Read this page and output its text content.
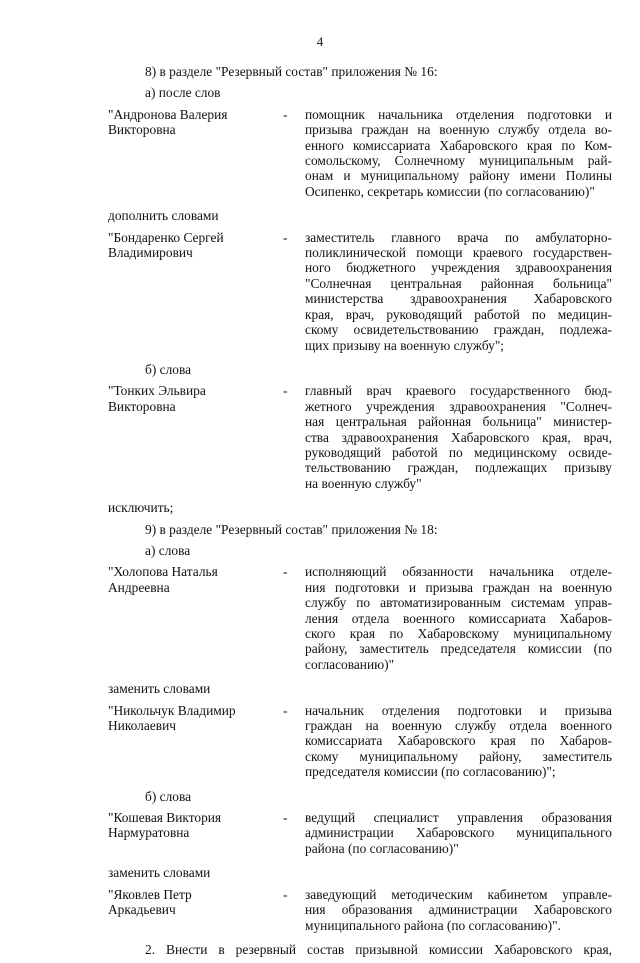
4
8) в разделе "Резервный состав" приложения № 16:
а) после слов
"Андронова Валерия
Викторовна
-	помощник начальника отделения подготовки и
призыва граждан на военную службу отдела во-
енного комиссариата Хабаровского края по Ком-
сомольскому, Солнечному муниципальным рай-
онам и муниципальному району имени Полины
Осипенко, секретарь комиссии (по согласованию)"
дополнить словами
"Бондаренко Сергей
Владимирович
-	заместитель главного врача по амбулаторно-
поликлинической помощи краевого государствен-
ного бюджетного учреждения здравоохранения
"Солнечная центральная районная больница"
министерства здравоохранения Хабаровского
края, врач, руководящий работой по медицин-
скому освидетельствованию граждан, подлежа-
щих призыву на военную службу";
б) слова
"Тонких Эльвира
Викторовна
-	главный врач краевого государственного бюд-
жетного учреждения здравоохранения "Солнеч-
ная центральная районная больница" министер-
ства здравоохранения Хабаровского края, врач,
руководящий работой по медицинскому освиде-
тельствованию граждан, подлежащих призыву
на военную службу"
исключить;
9) в разделе "Резервный состав" приложения № 18:
а) слова
"Холопова Наталья
Андреевна
-	исполняющий обязанности начальника отделе-
ния подготовки и призыва граждан на военную
службу по автоматизированным системам управ-
ления отдела военного комиссариата Хабаров-
ского края по Хабаровскому муниципальному
району, заместитель председателя комиссии (по
согласованию)"
заменить словами
"Никольчук Владимир
Николаевич
-	начальник отделения подготовки и призыва
граждан на военную службу отдела военного
комиссариата Хабаровского края по Хабаров-
скому муниципальному району, заместитель
председателя комиссии (по согласованию)";
б) слова
"Кошевая Виктория
Нармуратовна
-	ведущий специалист управления образования
администрации Хабаровского муниципального
района (по согласованию)"
заменить словами
"Яковлев Петр
Аркадьевич
-	заведующий методическим кабинетом управле-
ния образования администрации Хабаровского
муниципального района (по согласованию)".
2. Внести в резервный состав призывной комиссии Хабаровского края,
